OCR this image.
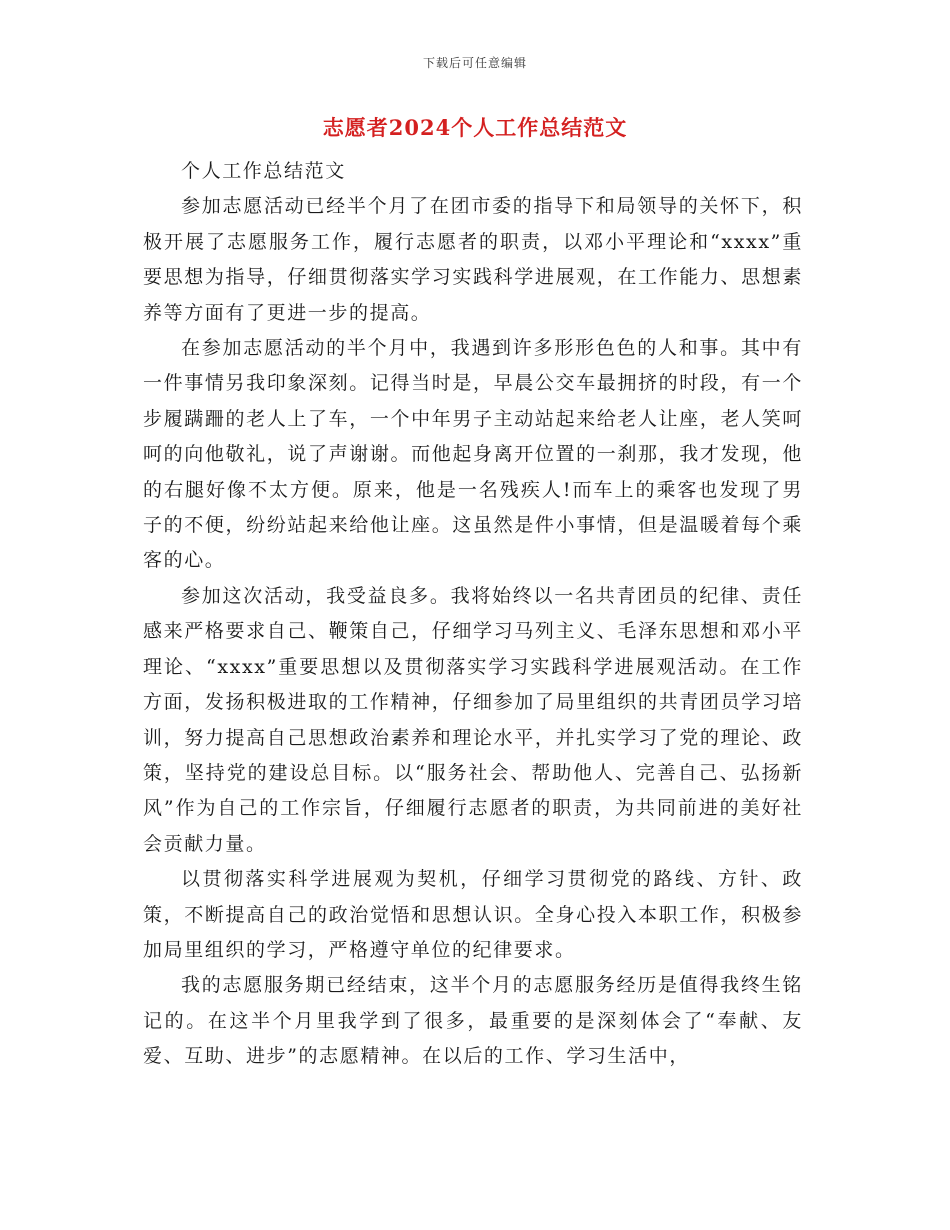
下载后可任意编辑
志愿者2024个人工作总结范文

个人工作总结范文

参加志愿活动已经半个月了在团市委的指导下和局领导的关怀下，积极开展了志愿服务工作，履行志愿者的职责，以邓小平理论和“xxxx”重要思想为指导，仔细贯彻落实学习实践科学进展观，在工作能力、思想素养等方面有了更进一步的提高。

在参加志愿活动的半个月中，我遇到许多形形色色的人和事。其中有一件事情另我印象深刻。记得当时是，早晨公交车最拥挤的时段，有一个步履蹒跚的老人上了车，一个中年男子主动站起来给老人让座，老人笑呵呵的向他敬礼，说了声谢谢。而他起身离开位置的一刹那，我才发现，他的右腿好像不太方便。原来，他是一名残疾人!而车上的乘客也发现了男子的不便，纷纷站起来给他让座。这虽然是件小事情，但是温暖着每个乘客的心。

参加这次活动，我受益良多。我将始终以一名共青团员的纪律、责任感来严格要求自己、鞭策自己，仔细学习马列主义、毛泽东思想和邓小平理论、“xxxx”重要思想以及贯彻落实学习实践科学进展观活动。在工作方面，发扬积极进取的工作精神，仔细参加了局里组织的共青团员学习培训，努力提高自己思想政治素养和理论水平，并扎实学习了党的理论、政策，坚持党的建设总目标。以“服务社会、帮助他人、完善自己、弘扬新风”作为自己的工作宗旨，仔细履行志愿者的职责，为共同前进的美好社会贡献力量。

以贯彻落实科学进展观为契机，仔细学习贯彻党的路线、方针、政策，不断提高自己的政治觉悟和思想认识。全身心投入本职工作，积极参加局里组织的学习，严格遵守单位的纪律要求。

我的志愿服务期已经结束，这半个月的志愿服务经历是值得我终生铭记的。在这半个月里我学到了很多，最重要的是深刻体会了“奉献、友爱、互助、进步”的志愿精神。在以后的工作、学习生活中，
